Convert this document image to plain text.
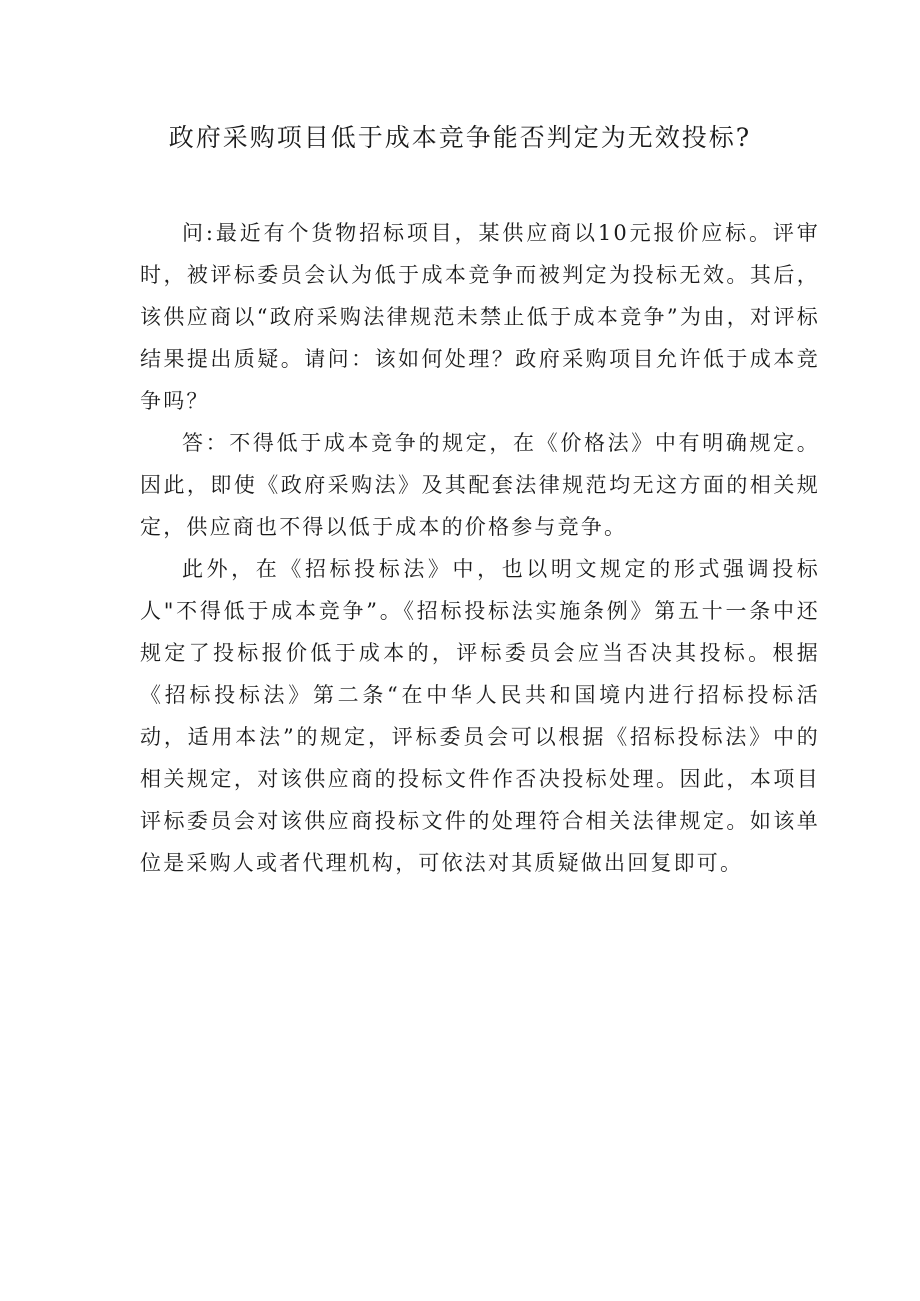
政府采购项目低于成本竞争能否判定为无效投标?

问:最近有个货物招标项目，某供应商以10元报价应标。评审时，被评标委员会认为低于成本竞争而被判定为投标无效。其后，该供应商以“政府采购法律规范未禁止低于成本竞争”为由，对评标结果提出质疑。请问：该如何处理？政府采购项目允许低于成本竞争吗？

答：不得低于成本竞争的规定，在《价格法》中有明确规定。因此，即使《政府采购法》及其配套法律规范均无这方面的相关规定，供应商也不得以低于成本的价格参与竞争。

此外，在《招标投标法》中，也以明文规定的形式强调投标人"不得低于成本竞争”。《招标投标法实施条例》第五十一条中还规定了投标报价低于成本的，评标委员会应当否决其投标。根据《招标投标法》第二条“在中华人民共和国境内进行招标投标活动，适用本法”的规定，评标委员会可以根据《招标投标法》中的相关规定，对该供应商的投标文件作否决投标处理。因此，本项目评标委员会对该供应商投标文件的处理符合相关法律规定。如该单位是采购人或者代理机构，可依法对其质疑做出回复即可。
